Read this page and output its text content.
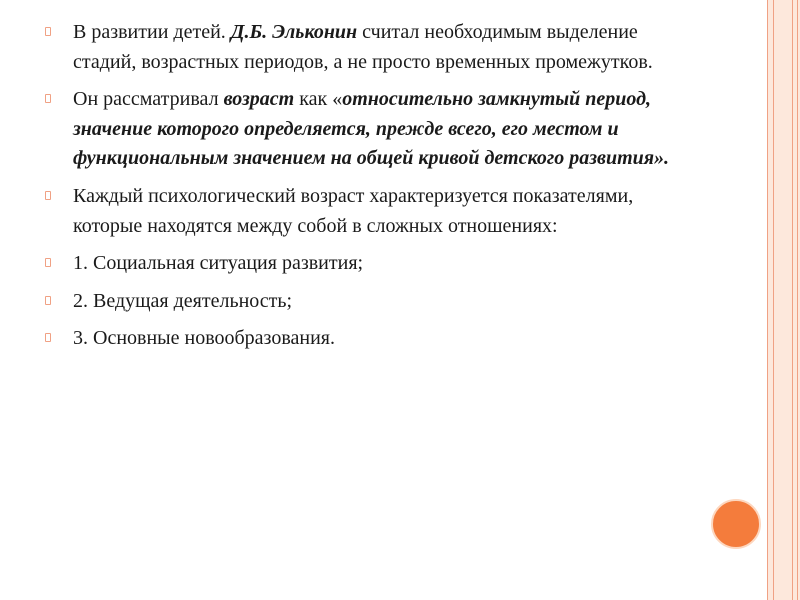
В развитии детей. Д.Б. Эльконин считал необходимым выделение стадий, возрастных периодов, а не просто временных промежутков.
Он рассматривал возраст как «относительно замкнутый период, значение которого определяется, прежде всего, его местом и функциональным значением на общей кривой детского развития».
Каждый психологический возраст характеризуется показателями, которые находятся между собой в сложных отношениях:
1. Социальная ситуация развития;
2. Ведущая деятельность;
3. Основные новообразования.
